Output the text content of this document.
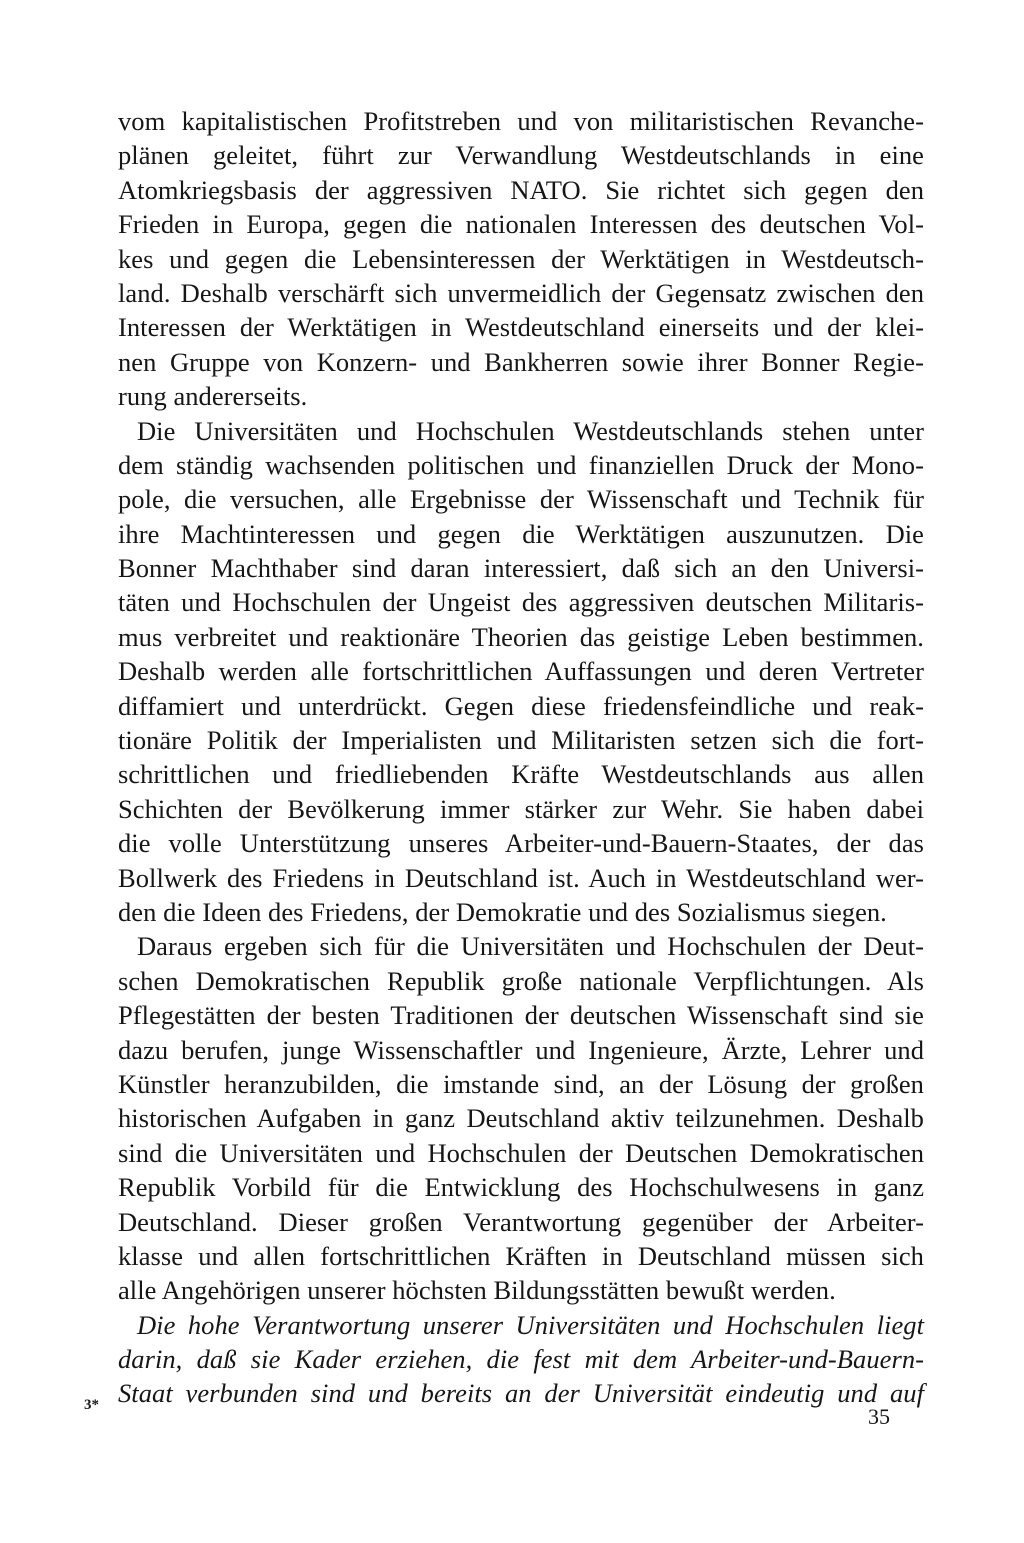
vom kapitalistischen Profitstreben und von militaristischen Revanche-
plänen geleitet, führt zur Verwandlung Westdeutschlands in eine
Atomkriegsbasis der aggressiven NATO. Sie richtet sich gegen den
Frieden in Europa, gegen die nationalen Interessen des deutschen Vol-
kes und gegen die Lebensinteressen der Werktätigen in Westdeutsch-
land. Deshalb verschärft sich unvermeidlich der Gegensatz zwischen den
Interessen der Werktätigen in Westdeutschland einerseits und der klei-
nen Gruppe von Konzern- und Bankherren sowie ihrer Bonner Regie-
rung andererseits.
Die Universitäten und Hochschulen Westdeutschlands stehen unter
dem ständig wachsenden politischen und finanziellen Druck der Mono-
pole, die versuchen, alle Ergebnisse der Wissenschaft und Technik für
ihre Machtinteressen und gegen die Werktätigen auszunutzen. Die
Bonner Machthaber sind daran interessiert, daß sich an den Universi-
täten und Hochschulen der Ungeist des aggressiven deutschen Militaris-
mus verbreitet und reaktionäre Theorien das geistige Leben bestimmen.
Deshalb werden alle fortschrittlichen Auffassungen und deren Vertreter
diffamiert und unterdrückt. Gegen diese friedensfeindliche und reak-
tionäre Politik der Imperialisten und Militaristen setzen sich die fort-
schrittlichen und friedliebenden Kräfte Westdeutschlands aus allen
Schichten der Bevölkerung immer stärker zur Wehr. Sie haben dabei
die volle Unterstützung unseres Arbeiter-und-Bauern-Staates, der das
Bollwerk des Friedens in Deutschland ist. Auch in Westdeutschland wer-
den die Ideen des Friedens, der Demokratie und des Sozialismus siegen.
Daraus ergeben sich für die Universitäten und Hochschulen der Deut-
schen Demokratischen Republik große nationale Verpflichtungen. Als
Pflegestätten der besten Traditionen der deutschen Wissenschaft sind sie
dazu berufen, junge Wissenschaftler und Ingenieure, Ärzte, Lehrer und
Künstler heranzubilden, die imstande sind, an der Lösung der großen
historischen Aufgaben in ganz Deutschland aktiv teilzunehmen. Deshalb
sind die Universitäten und Hochschulen der Deutschen Demokratischen
Republik Vorbild für die Entwicklung des Hochschulwesens in ganz
Deutschland. Dieser großen Verantwortung gegenüber der Arbeiter-
klasse und allen fortschrittlichen Kräften in Deutschland müssen sich
alle Angehörigen unserer höchsten Bildungsstätten bewußt werden.
Die hohe Verantwortung unserer Universitäten und Hochschulen liegt
darin, daß sie Kader erziehen, die fest mit dem Arbeiter-und-Bauern-
Staat verbunden sind und bereits an der Universität eindeutig und auf
3*	35
